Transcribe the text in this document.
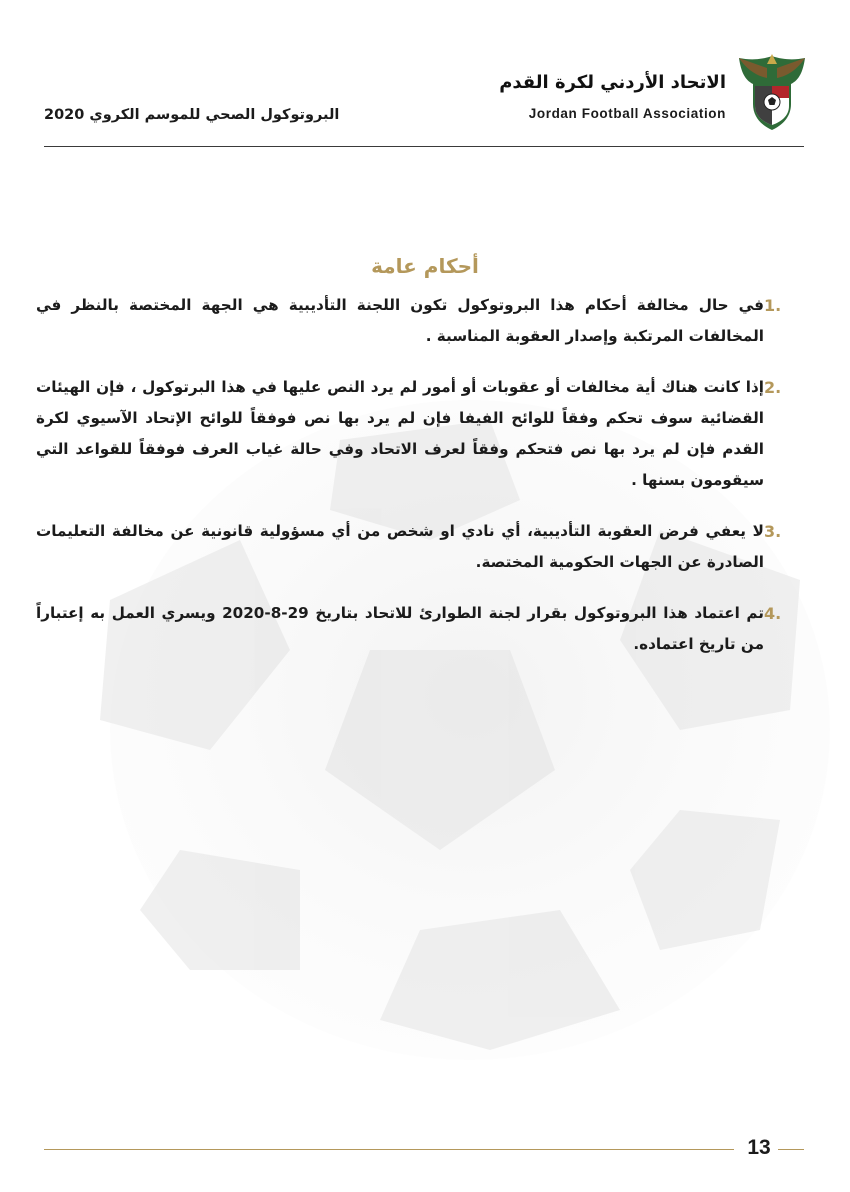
الاتحاد الأردني لكرة القدم
Jordan Football Association
البروتوكول الصحي للموسم الكروي 2020
أحكام عامة
1.
في حال مخالفة أحكام هذا البروتوكول تكون اللجنة التأديبية هي الجهة المختصة بالنظر في المخالفات المرتكبة وإصدار العقوبة المناسبة .
2.
إذا كانت هناك أية مخالفات أو عقوبات أو أمور لم يرد النص عليها في هذا البرتوكول ، فإن الهيئات القضائية سوف تحكم وفقاً للوائح الفيفا فإن لم يرد بها نص فوفقاً للوائح الإتحاد الآسيوي لكرة القدم فإن لم يرد بها نص فتحكم وفقاً لعرف الاتحاد وفي حالة غياب العرف فوفقاً للقواعد التي سيقومون بسنها .
3.
لا يعفي فرض العقوبة التأديبية، أي نادي او شخص من أي مسؤولية قانونية عن مخالفة التعليمات الصادرة عن الجهات الحكومية المختصة.
4.
تم اعتماد هذا البروتوكول بقرار لجنة الطوارئ للاتحاد بتاريخ 29-8-2020 ويسري العمل به إعتباراً من تاريخ اعتماده.
13
